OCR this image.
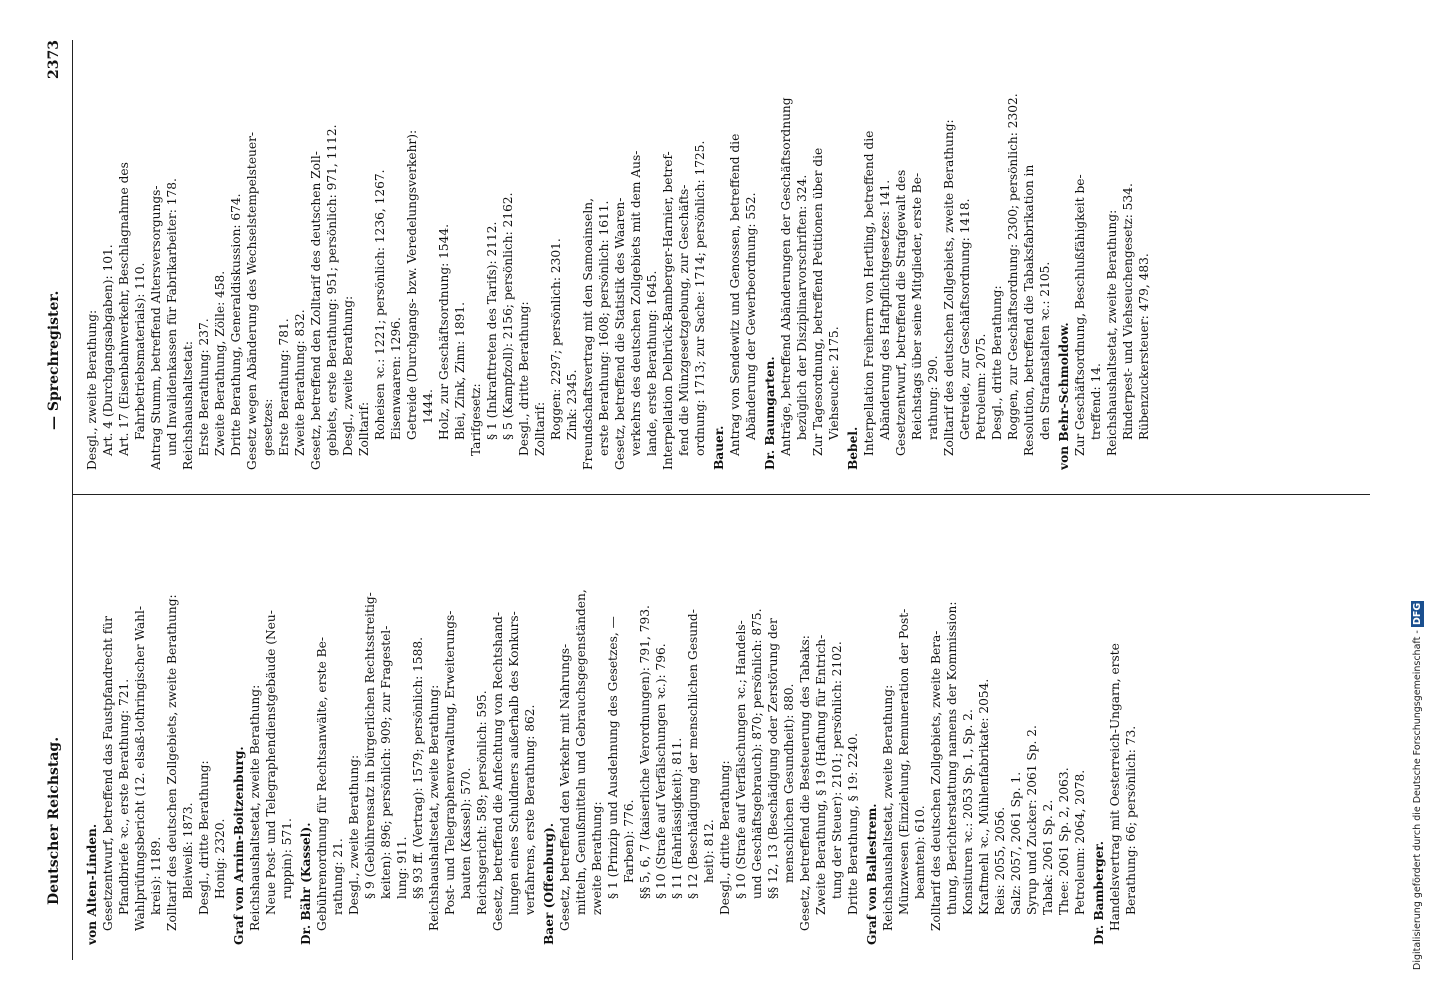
Deutscher Reichstag.
— Sprechregister.
2373
von Alten-Linden. Gesetzentwurf, betreffend das Faustpfandrecht für Pfandbriefe ꝛc., erste Berathung: 721. Wahlprüfungsbericht (12. elsaß-lothringischer Wahl- kreis): 1189. Zolltarif des deutschen Zollgebiets, zweite Berathung: Bleiweiß: 1873. Desgl., dritte Berathung: Honig: 2320. Graf von Arnim-Boitzenburg. Reichshaushaltsetat, zweite Berathung: Neue Post- und Telegraphendienstgebäude (Neu- ruppin): 571. Dr. Bähr (Kassel). Gebührenordnung für Rechtsanwälte, erste Be- rathung: 21. Desgl., zweite Berathung: § 9 (Gebührensatz in bürgerlichen Rechtsstreitig- keiten): 896; persönlich: 909; zur Fragestel- lung: 911. §§ 93 ff. (Vertrag): 1579; persönlich: 1588. Reichshaushaltsetat, zweite Berathung: Post- und Telegraphenverwaltung, Erweiterungs- bauten (Kassel): 570. Reichsgericht: 589; persönlich: 595. Gesetz, betreffend die Anfechtung von Rechtshand- lungen eines Schuldners außerhalb des Konkurs- verfahrens, erste Berathung: 862. Baer (Offenburg). Gesetz, betreffend den Verkehr mit Nahrungs- mitteln, Genußmitteln und Gebrauchsgegenständen, zweite Berathung: § 1 (Prinzip und Ausdehnung des Gesetzes, — Farben): 776. §§ 5, 6, 7 (kaiserliche Verordnungen): 791, 793. § 10 (Strafe auf Verfälschungen ꝛc.): 796. § 11 (Fahrlässigkeit): 811. § 12 (Beschädigung der menschlichen Gesund- heit): 812. Desgl., dritte Berathung: § 10 (Strafe auf Verfälschungen ꝛc.; Handels- und Geschäftsgebrauch): 870; persönlich: 875. §§ 12, 13 (Beschädigung oder Zerstörung der menschlichen Gesundheit): 880. Gesetz, betreffend die Besteuerung des Tabaks: Zweite Berathung, § 19 (Haftung für Entrich- tung der Steuer): 2101; persönlich: 2102. Dritte Berathung, § 19: 2240. Graf von Ballestrem. Reichshaushaltsetat, zweite Berathung: Münzwesen (Einziehung, Remuneration der Post- beamten): 610. Zolltarif des deutschen Zollgebiets, zweite Bera- thung, Berichterstattung namens der Kommission: Konsituren ꝛc.: 2053 Sp. 1, Sp. 2. Kraftmehl ꝛc., Mühlenfabrikate: 2054. Reis: 2055, 2056. Salz: 2057, 2061 Sp. 1. Syrup und Zucker: 2061 Sp. 2. Tabak: 2061 Sp. 2. Thee: 2061 Sp. 2, 2063. Petroleum: 2064, 2078. Dr. Bamberger. Handelsvertrag mit Oesterreich-Ungarn, erste Berathung: 66; persönlich: 73.
Desgl., zweite Berathung: Art. 4 (Durchgangsabgaben): 101. Art. 17 (Eisenbahnverkehr, Beschlagnahme des Fahrbetriebsmaterials): 110. Antrag Stumm, betreffend Altersversorgungs- und Invalidenkassen für Fabrikarbeiter: 178. Reichshaushaltsetat: Erste Berathung: 237. Zweite Berathung, Zölle: 458. Dritte Berathung, Generaldiskussion: 674. Gesetz wegen Abänderung des Wechselstempelsteuer- gesetzes: Erste Berathung: 781. Zweite Berathung: 832. Gesetz, betreffend den Zolltarif des deutschen Zoll- gebiets, erste Berathung: 951; persönlich: 971, 1112. Desgl., zweite Berathung: Zolltarif: Roheisen ꝛc.: 1221; persönlich: 1236, 1267. Eisenwaaren: 1296. Getreide (Durchgangs- bzw. Veredelungsverkehr): 1444. Holz, zur Geschäftsordnung: 1544. Blei, Zink, Zinn: 1891. Tarifgesetz: § 1 (Inkrafttreten des Tarifs): 2112. § 5 (Kampfzoll): 2156; persönlich: 2162. Desgl., dritte Berathung: Zolltarif: Roggen: 2297; persönlich: 2301. Zink: 2345. Freundschaftsvertrag mit den Samoainseln, erste Berathung: 1608; persönlich: 1611. Gesetz, betreffend die Statistik des Waaren- verkehrs des deutschen Zollgebiets mit dem Aus- lande, erste Berathung: 1645. Interpellation Delbrück-Bamberger-Harnier, betref- fend die Münzgesetzgebung, zur Geschäfts- ordnung: 1713; zur Sache: 1714; persönlich: 1725. Bauer. Antrag von Sendewitz und Genossen, betreffend die Abänderung der Gewerbeordnung: 552. Dr. Baumgarten. Anträge, betreffend Abänderungen der Geschäftsordnung bezüglich der Disziplinarvorschriften: 324. Zur Tagesordnung, betreffend Petitionen über die Viehseuche: 2175.
Bebel. Interpellation Freiherrn von Hertling, betreffend die Abänderung des Haftpflichtgesetzes: 141. Gesetzentwurf, betreffend die Strafgewalt des Reichstags über seine Mitglieder, erste Be- rathung: 290. Zolltarif des deutschen Zollgebiets, zweite Berathung: Getreide, zur Geschäftsordnung: 1418. Petroleum: 2075. Desgl., dritte Berathung: Roggen, zur Geschäftsordnung: 2300; persönlich: 2302. Resolution, betreffend die Tabaksfabrikation in den Strafanstalten ꝛc.: 2105. von Behr-Schmoldow. Zur Geschäftsordnung, Beschlußfähigkeit be- treffend: 14. Reichshaushaltsetat, zweite Berathung: Rinderpest- und Viehseuchengesetz: 534. Rübenzuckersteuer: 479, 483.
Digitalisierung gefördert durch die Deutsche Forschungsgemeinschaft - DFG
